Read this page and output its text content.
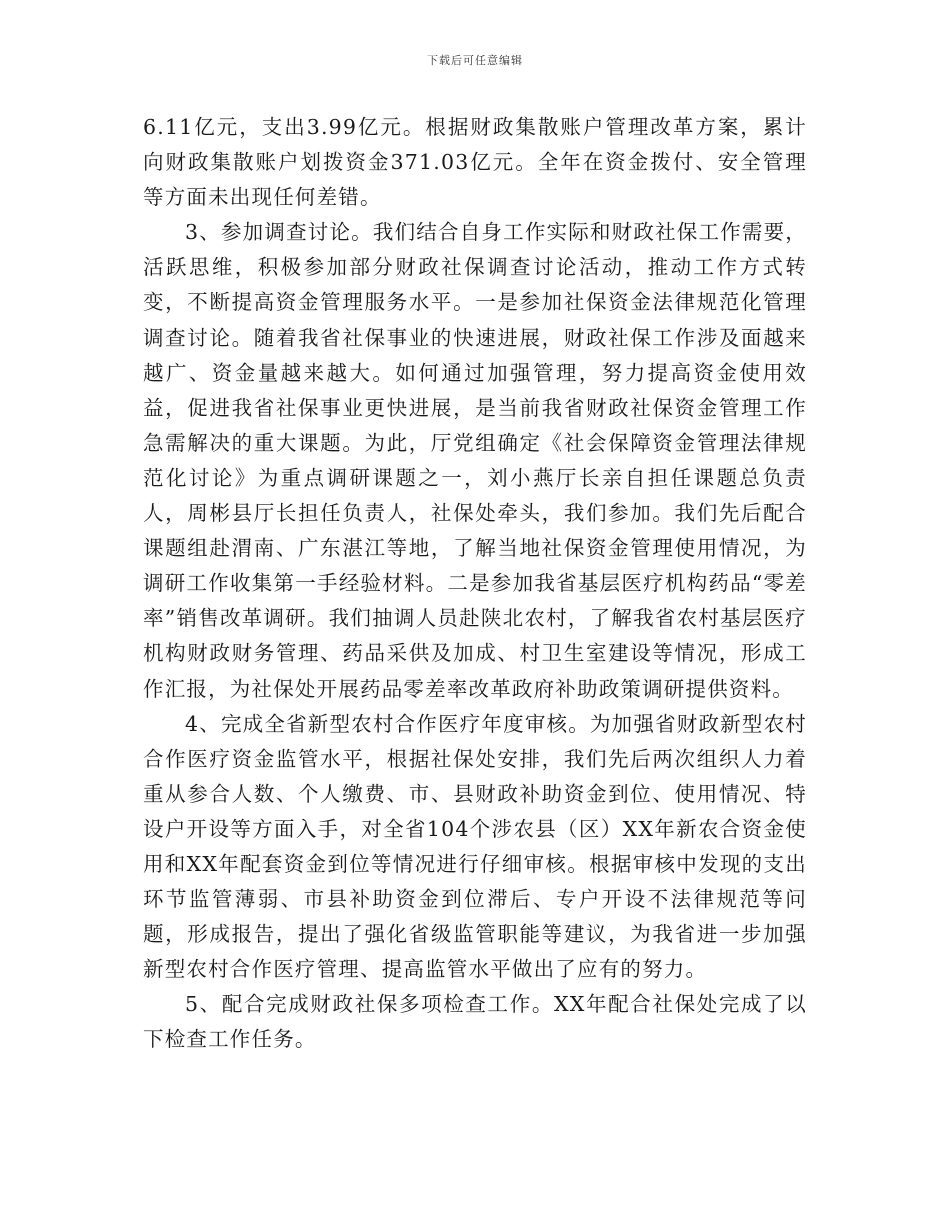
下载后可任意编辑

6.11亿元，支出3.99亿元。根据财政集散账户管理改革方案，累计向财政集散账户划拨资金371.03亿元。全年在资金拨付、安全管理等方面未出现任何差错。

3、参加调查讨论。我们结合自身工作实际和财政社保工作需要，活跃思维，积极参加部分财政社保调查讨论活动，推动工作方式转变，不断提高资金管理服务水平。一是参加社保资金法律规范化管理调查讨论。随着我省社保事业的快速进展，财政社保工作涉及面越来越广、资金量越来越大。如何通过加强管理，努力提高资金使用效益，促进我省社保事业更快进展，是当前我省财政社保资金管理工作急需解决的重大课题。为此，厅党组确定《社会保障资金管理法律规范化讨论》为重点调研课题之一，刘小燕厅长亲自担任课题总负责人，周彬县厅长担任负责人，社保处牵头，我们参加。我们先后配合课题组赴渭南、广东湛江等地，了解当地社保资金管理使用情况，为调研工作收集第一手经验材料。二是参加我省基层医疗机构药品“零差率”销售改革调研。我们抽调人员赴陕北农村，了解我省农村基层医疗机构财政财务管理、药品采供及加成、村卫生室建设等情况，形成工作汇报，为社保处开展药品零差率改革政府补助政策调研提供资料。

4、完成全省新型农村合作医疗年度审核。为加强省财政新型农村合作医疗资金监管水平，根据社保处安排，我们先后两次组织人力着重从参合人数、个人缴费、市、县财政补助资金到位、使用情况、特设户开设等方面入手，对全省104个涉农县（区）XX年新农合资金使用和XX年配套资金到位等情况进行仔细审核。根据审核中发现的支出环节监管薄弱、市县补助资金到位滞后、专户开设不法律规范等问题，形成报告，提出了强化省级监管职能等建议，为我省进一步加强新型农村合作医疗管理、提高监管水平做出了应有的努力。

5、配合完成财政社保多项检查工作。XX年配合社保处完成了以下检查工作任务。
